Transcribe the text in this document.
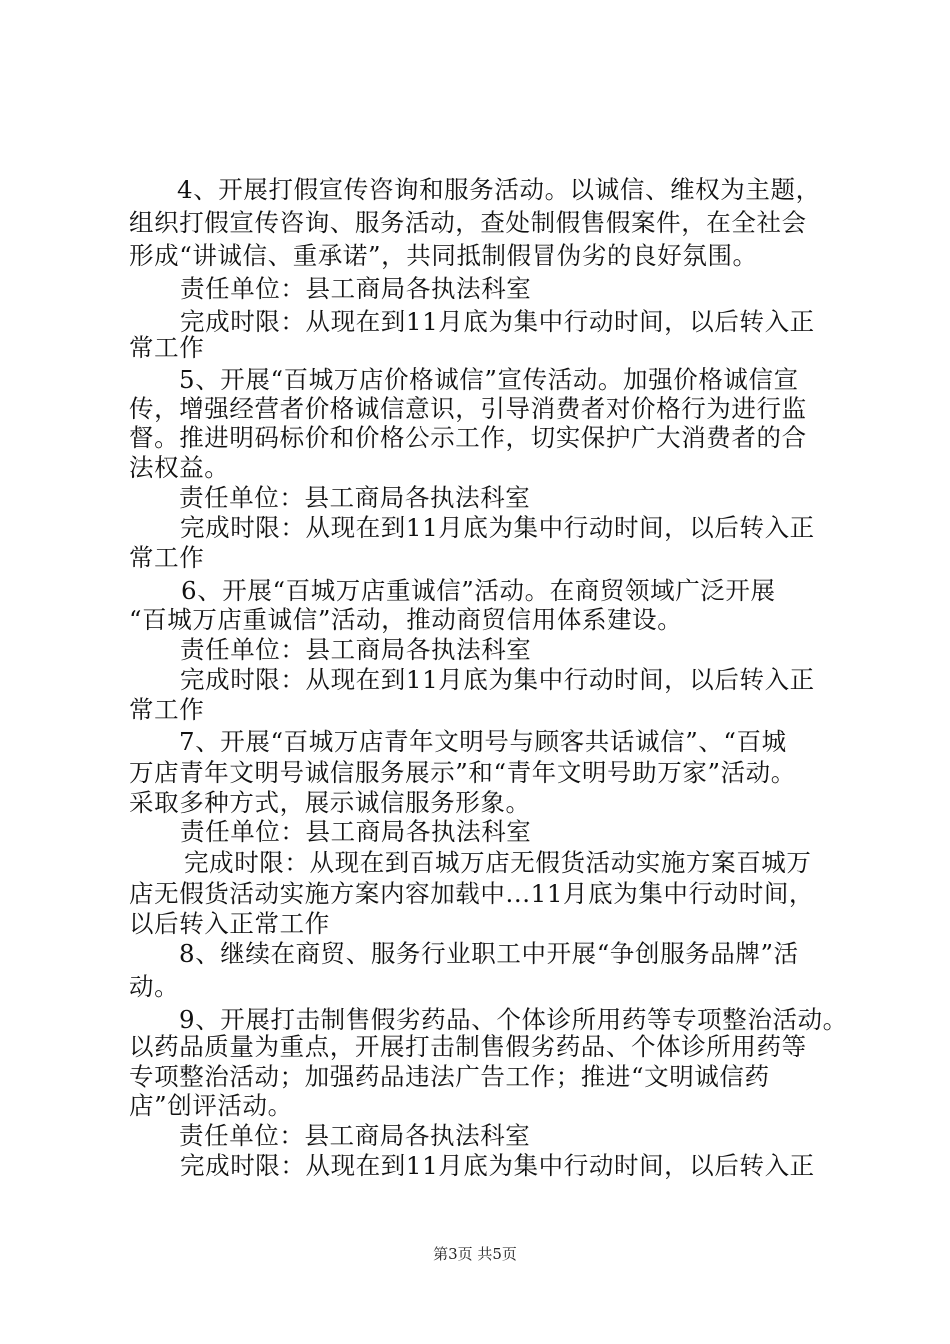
4、开展打假宣传咨询和服务活动。以诚信、维权为主题，
组织打假宣传咨询、服务活动，查处制假售假案件，在全社会
形成“讲诚信、重承诺”，共同抵制假冒伪劣的良好氛围。
责任单位：县工商局各执法科室
完成时限：从现在到11月底为集中行动时间，以后转入正
常工作
5、开展“百城万店价格诚信”宣传活动。加强价格诚信宣
传，增强经营者价格诚信意识，引导消费者对价格行为进行监
督。推进明码标价和价格公示工作，切实保护广大消费者的合
法权益。
责任单位：县工商局各执法科室
完成时限：从现在到11月底为集中行动时间，以后转入正
常工作
6、开展“百城万店重诚信”活动。在商贸领域广泛开展
“百城万店重诚信”活动，推动商贸信用体系建设。
责任单位：县工商局各执法科室
完成时限：从现在到11月底为集中行动时间，以后转入正
常工作
7、开展“百城万店青年文明号与顾客共话诚信”、“百城
万店青年文明号诚信服务展示”和“青年文明号助万家”活动。
采取多种方式，展示诚信服务形象。
责任单位：县工商局各执法科室
完成时限：从现在到百城万店无假货活动实施方案百城万
店无假货活动实施方案内容加载中...11月底为集中行动时间，
以后转入正常工作
8、继续在商贸、服务行业职工中开展“争创服务品牌”活
动。
9、开展打击制售假劣药品、个体诊所用药等专项整治活动。
以药品质量为重点，开展打击制售假劣药品、个体诊所用药等
专项整治活动；加强药品违法广告工作；推进“文明诚信药
店”创评活动。
责任单位：县工商局各执法科室
完成时限：从现在到11月底为集中行动时间，以后转入正
第3页 共5页
